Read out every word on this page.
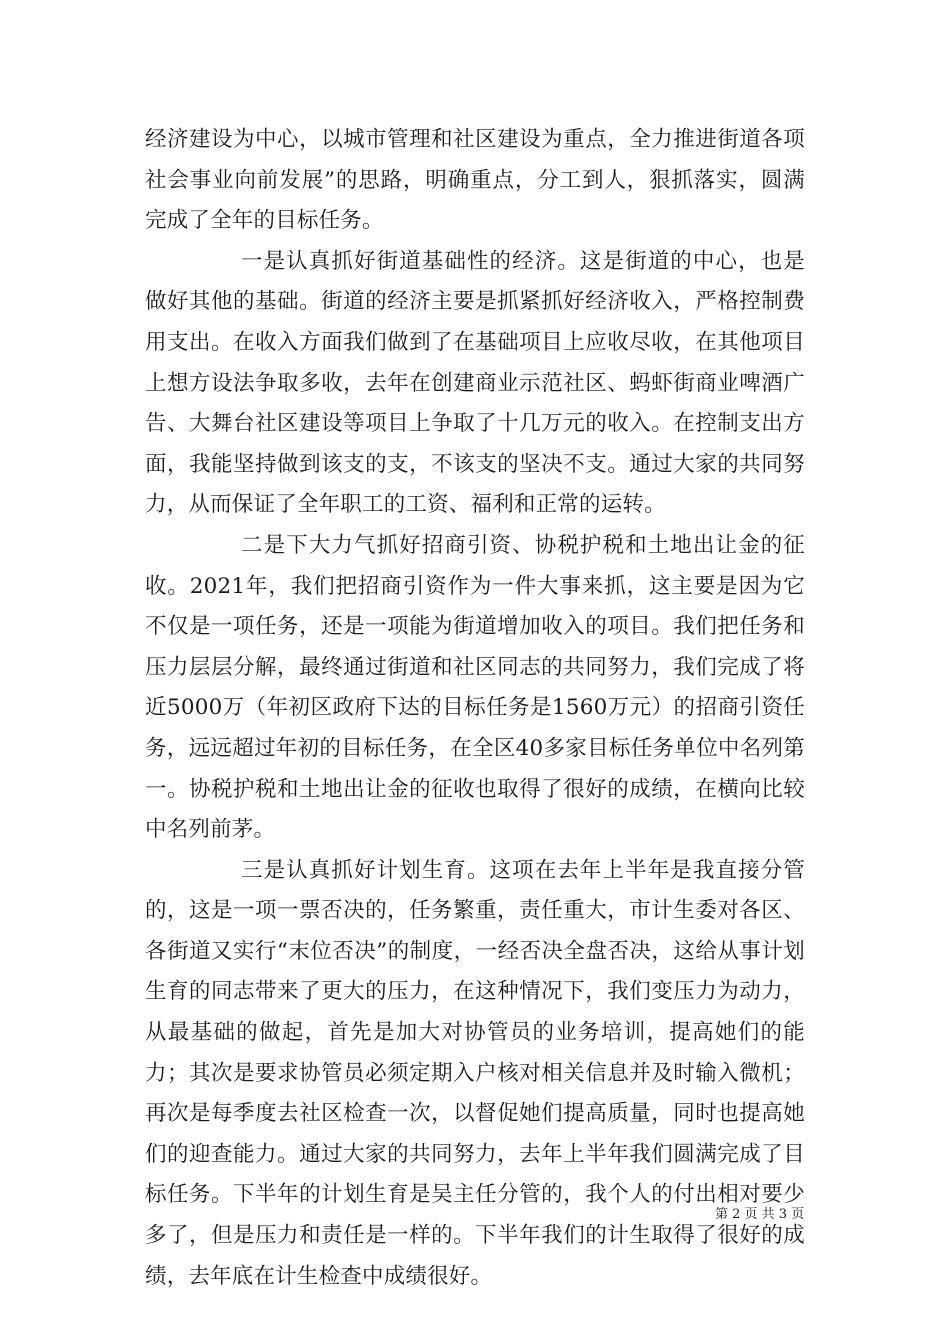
经济建设为中心，以城市管理和社区建设为重点，全力推进街道各项社会事业向前发展”的思路，明确重点，分工到人，狠抓落实，圆满完成了全年的目标任务。

一是认真抓好街道基础性的经济。这是街道的中心，也是做好其他的基础。街道的经济主要是抓紧抓好经济收入，严格控制费用支出。在收入方面我们做到了在基础项目上应收尽收，在其他项目上想方设法争取多收，去年在创建商业示范社区、蚂虾街商业啤酒广告、大舞台社区建设等项目上争取了十几万元的收入。在控制支出方面，我能坚持做到该支的支，不该支的坚决不支。通过大家的共同努力，从而保证了全年职工的工资、福利和正常的运转。

二是下大力气抓好招商引资、协税护税和土地出让金的征收。2021年，我们把招商引资作为一件大事来抓，这主要是因为它不仅是一项任务，还是一项能为街道增加收入的项目。我们把任务和压力层层分解，最终通过街道和社区同志的共同努力，我们完成了将近5000万（年初区政府下达的目标任务是1560万元）的招商引资任务，远远超过年初的目标任务，在全区40多家目标任务单位中名列第一。协税护税和土地出让金的征收也取得了很好的成绩，在横向比较中名列前茅。

三是认真抓好计划生育。这项在去年上半年是我直接分管的，这是一项一票否决的，任务繁重，责任重大，市计生委对各区、各街道又实行“末位否决”的制度，一经否决全盘否决，这给从事计划生育的同志带来了更大的压力，在这种情况下，我们变压力为动力，从最基础的做起，首先是加大对协管员的业务培训，提高她们的能力；其次是要求协管员必须定期入户核对相关信息并及时输入微机；再次是每季度去社区检查一次，以督促她们提高质量，同时也提高她们的迎查能力。通过大家的共同努力，去年上半年我们圆满完成了目标任务。下半年的计划生育是吴主任分管的，我个人的付出相对要少多了，但是压力和责任是一样的。下半年我们的计生取得了很好的成绩，去年底在计生检查中成绩很好。

第 2 页 共 3 页
